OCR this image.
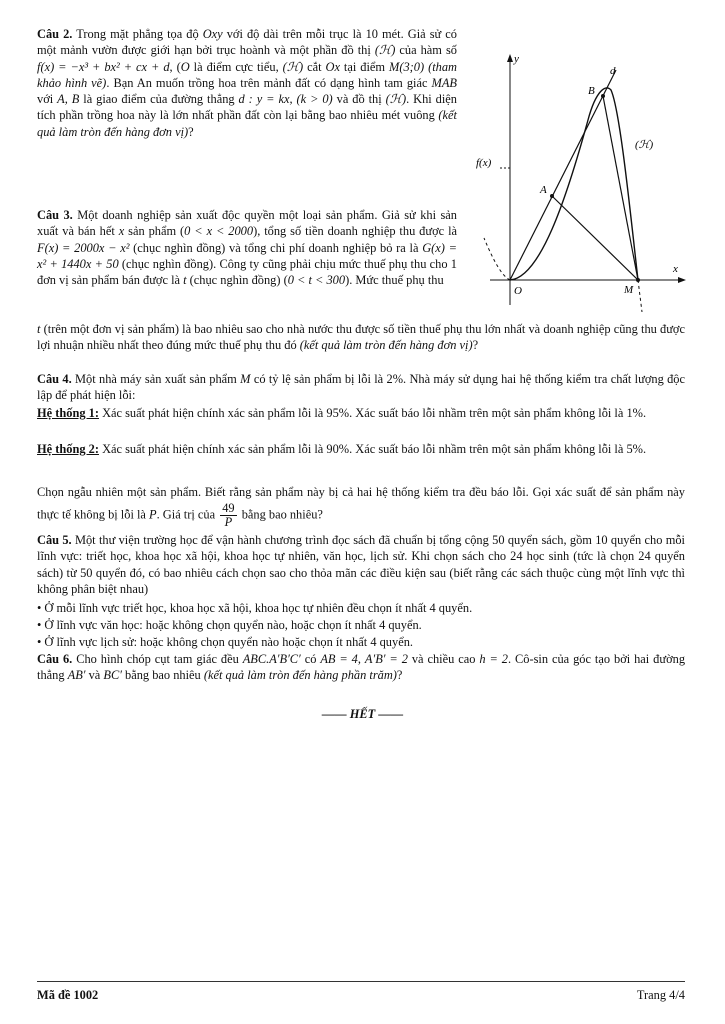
Câu 2. Trong mặt phẳng tọa độ Oxy với độ dài trên mỗi trục là 10 mét. Giả sử có một mảnh vườn được giới hạn bởi trục hoành và một phần đồ thị (ℋ) của hàm số f(x) = −x³ + bx² + cx + d, (O là điểm cực tiểu, (ℋ) cắt Ox tại điểm M(3;0) (tham khảo hình vẽ). Bạn An muốn trồng hoa trên mảnh đất có dạng hình tam giác MAB với A, B là giao điểm của đường thẳng d : y = kx, (k > 0) và đồ thị (ℋ). Khi diện tích phần trồng hoa này là lớn nhất phần đất còn lại bằng bao nhiêu mét vuông (kết quả làm tròn đến hàng đơn vị)?

Câu 3. Một doanh nghiệp sản xuất độc quyền một loại sản phẩm. Giả sử khi sản xuất và bán hết x sản phẩm (0 < x < 2000), tổng số tiền doanh nghiệp thu được là F(x) = 2000x − x² (chục nghìn đồng) và tổng chi phí doanh nghiệp bỏ ra là G(x) = x² + 1440x + 50 (chục nghìn đồng). Công ty cũng phải chịu mức thuế phụ thu cho 1 đơn vị sản phẩm bán được là t (chục nghìn đồng) (0 < t < 300). Mức thuế phụ thu

t (trên một đơn vị sản phẩm) là bao nhiêu sao cho nhà nước thu được số tiền thuế phụ thu lớn nhất và doanh nghiệp cũng thu được lợi nhuận nhiều nhất theo đúng mức thuế phụ thu đó (kết quả làm tròn đến hàng đơn vị)?

Câu 4. Một nhà máy sản xuất sản phẩm M có tỷ lệ sản phẩm bị lỗi là 2%. Nhà máy sử dụng hai hệ thống kiểm tra chất lượng độc lập để phát hiện lỗi:

Hệ thống 1: Xác suất phát hiện chính xác sản phẩm lỗi là 95%. Xác suất báo lỗi nhầm trên một sản phẩm không lỗi là 1%.

Hệ thống 2: Xác suất phát hiện chính xác sản phẩm lỗi là 90%. Xác suất báo lỗi nhầm trên một sản phẩm không lỗi là 5%.

Chọn ngẫu nhiên một sản phẩm. Biết rằng sản phẩm này bị cả hai hệ thống kiểm tra đều báo lỗi. Gọi xác suất để sản phẩm này thực tế không bị lỗi là P. Giá trị của $\frac{49}{P}$ bằng bao nhiêu?

Câu 5. Một thư viện trường học để vận hành chương trình đọc sách đã chuẩn bị tổng cộng 50 quyển sách, gồm 10 quyển cho mỗi lĩnh vực: triết học, khoa học xã hội, khoa học tự nhiên, văn học, lịch sử. Khi chọn sách cho 24 học sinh (tức là chọn 24 quyển sách) từ 50 quyển đó, có bao nhiêu cách chọn sao cho thỏa mãn các điều kiện sau (biết rằng các sách thuộc cùng một lĩnh vực thì không phân biệt nhau)

• Ở mỗi lĩnh vực triết học, khoa học xã hội, khoa học tự nhiên đều chọn ít nhất 4 quyển.

• Ở lĩnh vực văn học: hoặc không chọn quyển nào, hoặc chọn ít nhất 4 quyển.

• Ở lĩnh vực lịch sử: hoặc không chọn quyển nào hoặc chọn ít nhất 4 quyển.

Câu 6. Cho hình chóp cụt tam giác đều ABC.A′B′C′ có AB = 4, A′B′ = 2 và chiều cao h = 2. Cô-sin của góc tạo bởi hai đường thẳng AB′ và BC′ bằng bao nhiêu (kết quả làm tròn đến hàng phần trăm)?

—— HẾT ——
y
x
d
(ℋ)
f(x)
A
B
O	M
Mã đề 1002	Trang 4/4
